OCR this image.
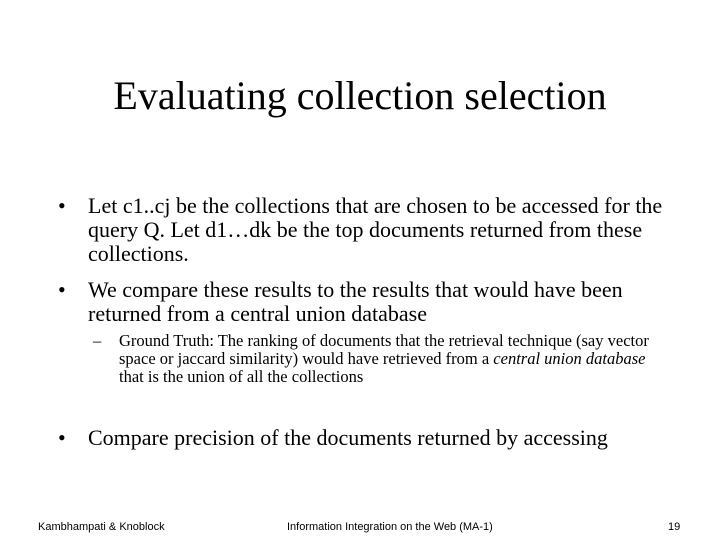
Evaluating collection selection
• Let c1..cj be the collections that are chosen to be accessed for the query Q. Let d1…dk be the top documents returned from these collections.
• We compare these results to the results that would have been returned from a central union database
– Ground Truth: The ranking of documents that the retrieval technique (say vector space or jaccard similarity) would have retrieved from a central union database that is the union of all the collections
• Compare precision of the documents returned by accessing
Kambhampati & Knoblock	Information Integration on the Web (MA-1)	19
